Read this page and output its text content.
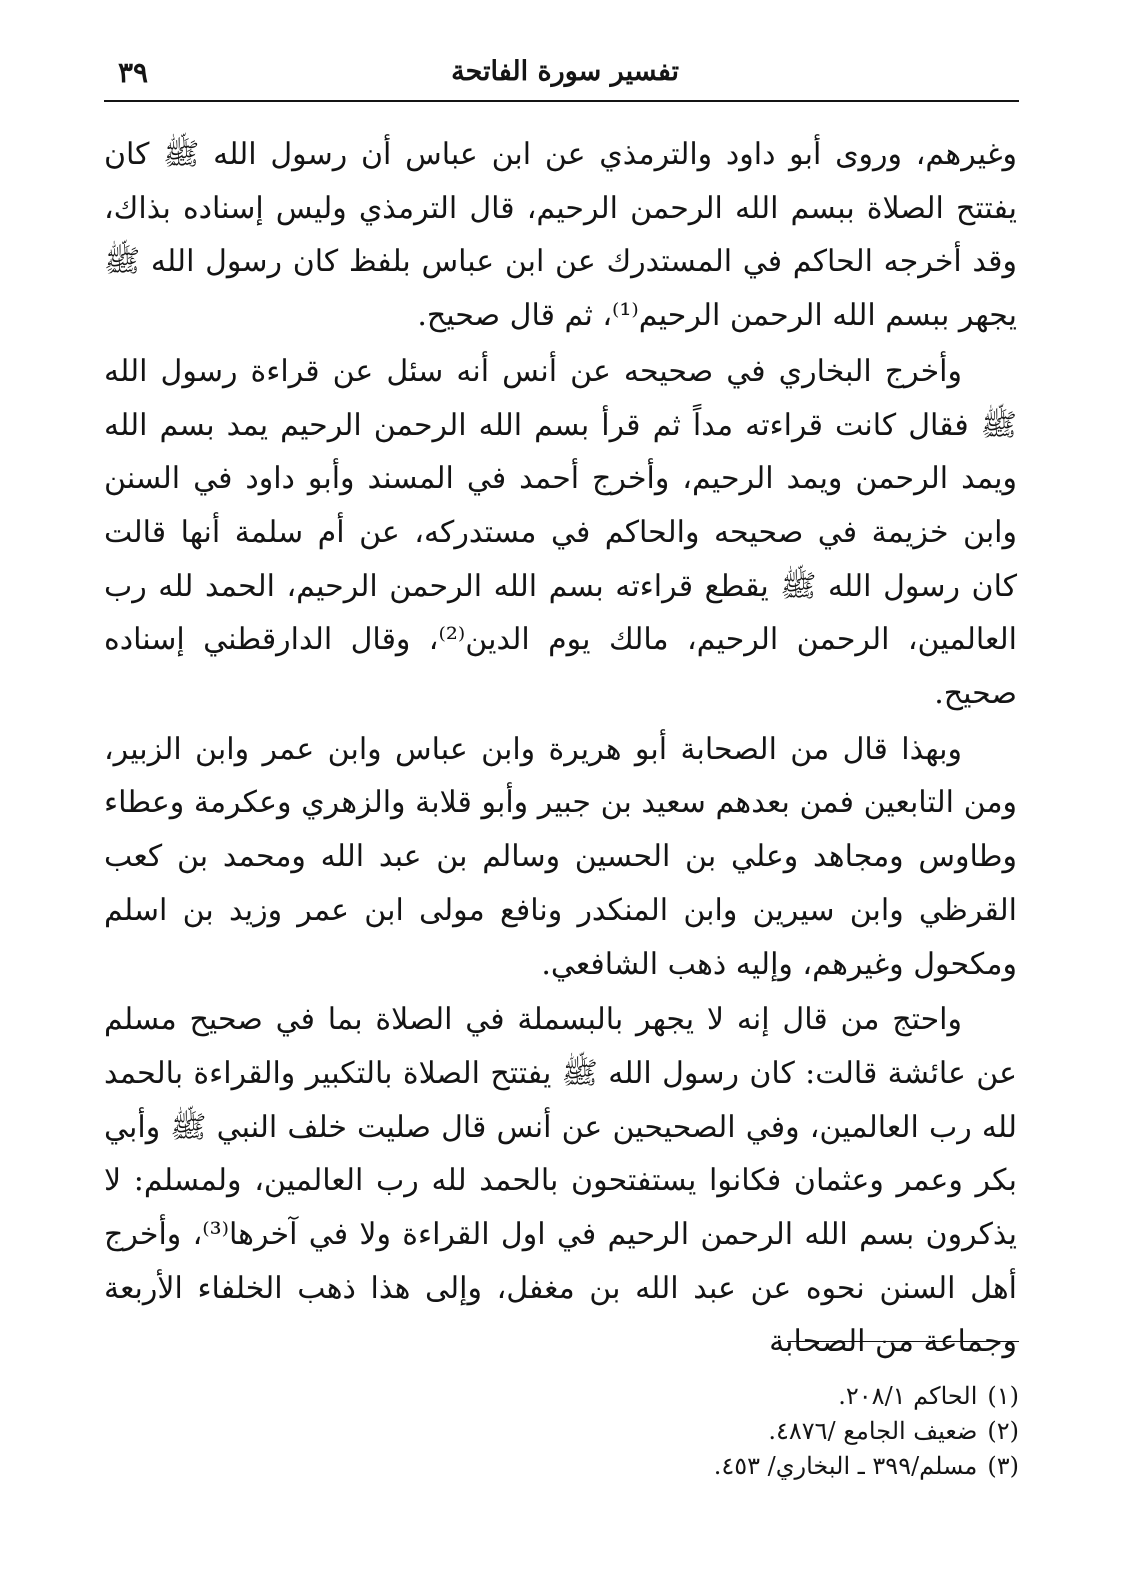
تفسير سورة الفاتحة
٣٩

وغيرهم، وروى أبو داود والترمذي عن ابن عباس أن رسول الله ﷺ كان يفتتح الصلاة ببسم الله الرحمن الرحيم، قال الترمذي وليس إسناده بذاك، وقد أخرجه الحاكم في المستدرك عن ابن عباس بلفظ كان رسول الله ﷺ يجهر ببسم الله الرحمن الرحيم⁽¹⁾، ثم قال صحيح.

وأخرج البخاري في صحيحه عن أنس أنه سئل عن قراءة رسول الله ﷺ فقال كانت قراءته مداً ثم قرأ بسم الله الرحمن الرحيم يمد بسم الله ويمد الرحمن ويمد الرحيم، وأخرج أحمد في المسند وأبو داود في السنن وابن خزيمة في صحيحه والحاكم في مستدركه، عن أم سلمة أنها قالت كان رسول الله ﷺ يقطع قراءته بسم الله الرحمن الرحيم، الحمد لله رب العالمين، الرحمن الرحيم، مالك يوم الدين⁽²⁾، وقال الدارقطني إسناده صحيح.

وبهذا قال من الصحابة أبو هريرة وابن عباس وابن عمر وابن الزبير، ومن التابعين فمن بعدهم سعيد بن جبير وأبو قلابة والزهري وعكرمة وعطاء وطاوس ومجاهد وعلي بن الحسين وسالم بن عبد الله ومحمد بن كعب القرظي وابن سيرين وابن المنكدر ونافع مولى ابن عمر وزيد بن اسلم ومكحول وغيرهم، وإليه ذهب الشافعي.

واحتج من قال إنه لا يجهر بالبسملة في الصلاة بما في صحيح مسلم عن عائشة قالت: كان رسول الله ﷺ يفتتح الصلاة بالتكبير والقراءة بالحمد لله رب العالمين، وفي الصحيحين عن أنس قال صليت خلف النبي ﷺ وأبي بكر وعمر وعثمان فكانوا يستفتحون بالحمد لله رب العالمين، ولمسلم: لا يذكرون بسم الله الرحمن الرحيم في اول القراءة ولا في آخرها⁽³⁾، وأخرج أهل السنن نحوه عن عبد الله بن مغفل، وإلى هذا ذهب الخلفاء الأربعة وجماعة من الصحابة

(١)الحاكم ٢٠٨/١.
(٢)ضعيف الجامع /٤٨٧٦.
(٣)مسلم/٣٩٩ ـ البخاري/ ٤٥٣.
